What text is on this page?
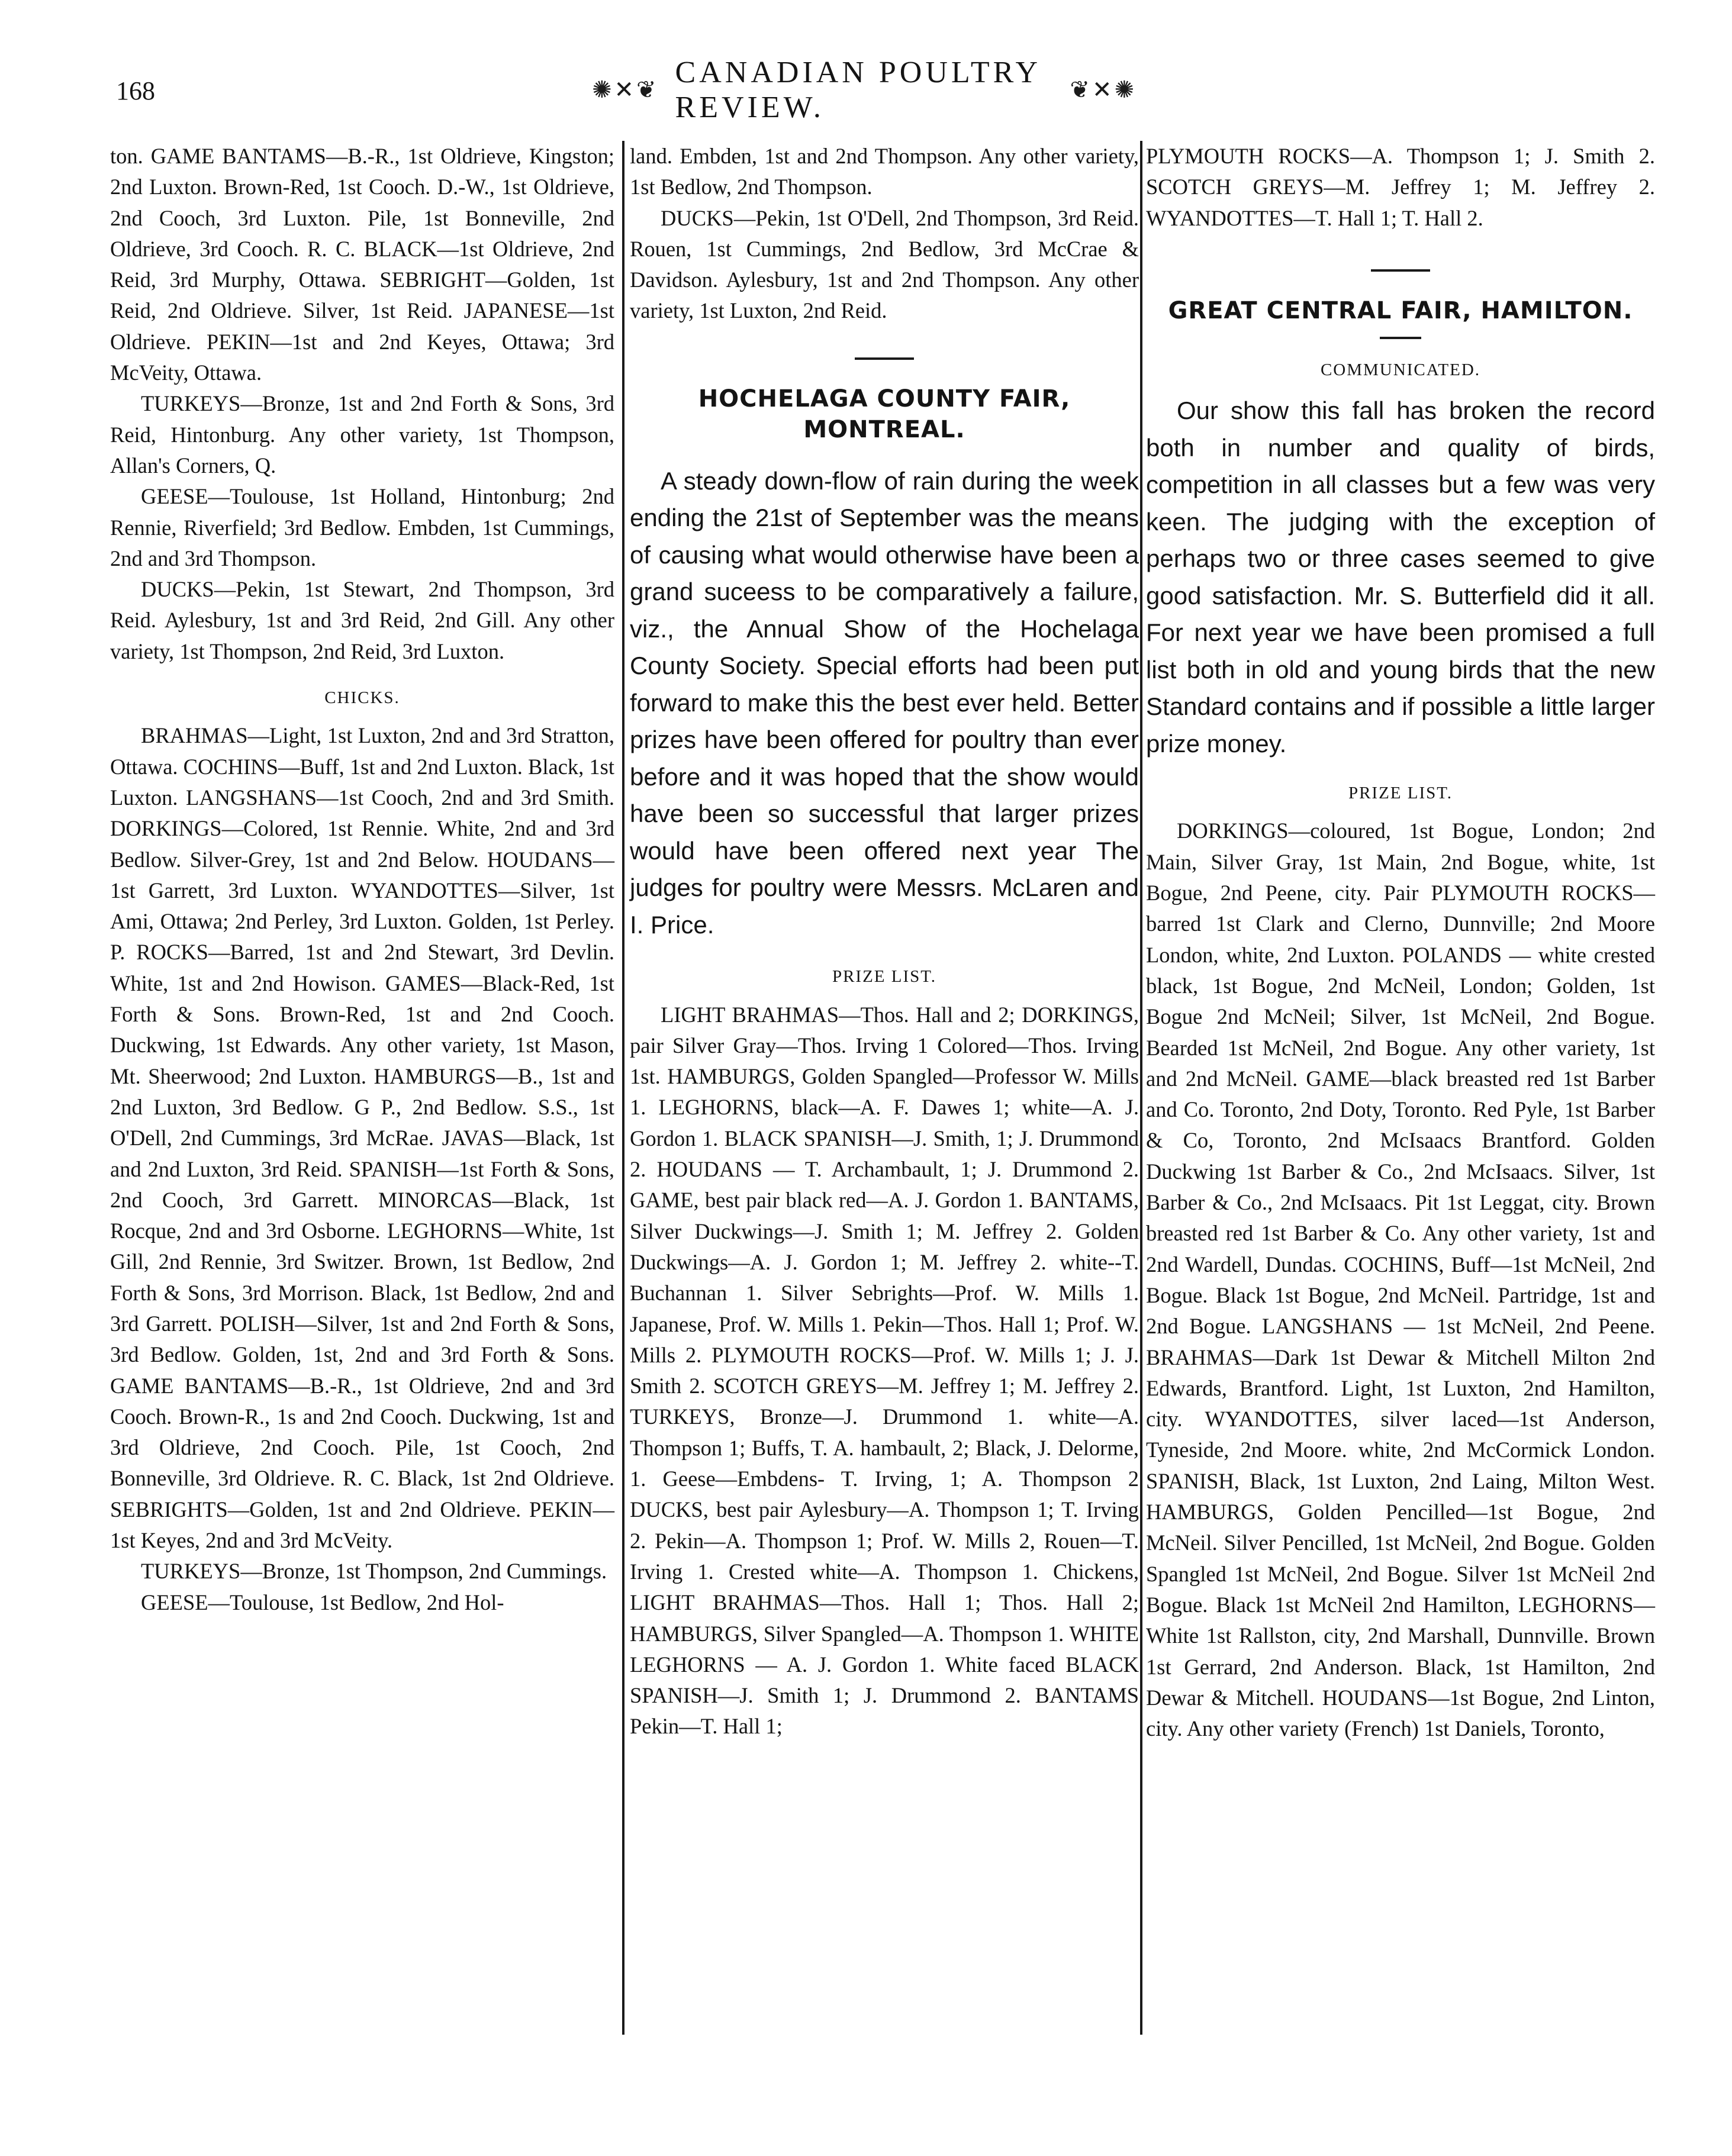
168	✺✕❦
CANADIAN POULTRY REVIEW.
❦✕✺

ton. GAME BANTAMS—B.-R., 1st Oldrieve, Kingston; 2nd Luxton. Brown-Red, 1st Cooch. D.-W., 1st Oldrieve, 2nd Cooch, 3rd Luxton. Pile, 1st Bonneville, 2nd Oldrieve, 3rd Cooch. R. C. BLACK—1st Oldrieve, 2nd Reid, 3rd Murphy, Ottawa. SEBRIGHT—Golden, 1st Reid, 2nd Oldrieve. Silver, 1st Reid. JAPANESE—1st Oldrieve. PEKIN—1st and 2nd Keyes, Ottawa; 3rd McVeity, Ottawa.

TURKEYS—Bronze, 1st and 2nd Forth & Sons, 3rd Reid, Hintonburg. Any other variety, 1st Thompson, Allan's Corners, Q.

GEESE—Toulouse, 1st Holland, Hintonburg; 2nd Rennie, Riverfield; 3rd Bedlow. Embden, 1st Cummings, 2nd and 3rd Thompson.

DUCKS—Pekin, 1st Stewart, 2nd Thompson, 3rd Reid. Aylesbury, 1st and 3rd Reid, 2nd Gill. Any other variety, 1st Thompson, 2nd Reid, 3rd Luxton.

CHICKS.

BRAHMAS—Light, 1st Luxton, 2nd and 3rd Stratton, Ottawa. COCHINS—Buff, 1st and 2nd Luxton. Black, 1st Luxton. LANGSHANS—1st Cooch, 2nd and 3rd Smith. DORKINGS—Colored, 1st Rennie. White, 2nd and 3rd Bedlow. Silver-Grey, 1st and 2nd Below. HOUDANS—1st Garrett, 3rd Luxton. WYANDOTTES—Silver, 1st Ami, Ottawa; 2nd Perley, 3rd Luxton. Golden, 1st Perley. P. ROCKS—Barred, 1st and 2nd Stewart, 3rd Devlin. White, 1st and 2nd Howison. GAMES—Black-Red, 1st Forth & Sons. Brown-Red, 1st and 2nd Cooch. Duckwing, 1st Edwards. Any other variety, 1st Mason, Mt. Sheerwood; 2nd Luxton. HAMBURGS—B., 1st and 2nd Luxton, 3rd Bedlow. G P., 2nd Bedlow. S.S., 1st O'Dell, 2nd Cummings, 3rd McRae. JAVAS—Black, 1st and 2nd Luxton, 3rd Reid. SPANISH—1st Forth & Sons, 2nd Cooch, 3rd Garrett. MINORCAS—Black, 1st Rocque, 2nd and 3rd Osborne. LEGHORNS—White, 1st Gill, 2nd Rennie, 3rd Switzer. Brown, 1st Bedlow, 2nd Forth & Sons, 3rd Morrison. Black, 1st Bedlow, 2nd and 3rd Garrett. POLISH—Silver, 1st and 2nd Forth & Sons, 3rd Bedlow. Golden, 1st, 2nd and 3rd Forth & Sons. GAME BANTAMS—B.-R., 1st Oldrieve, 2nd and 3rd Cooch. Brown-R., 1s and 2nd Cooch. Duckwing, 1st and 3rd Oldrieve, 2nd Cooch. Pile, 1st Cooch, 2nd Bonneville, 3rd Oldrieve. R. C. Black, 1st 2nd Oldrieve. SEBRIGHTS—Golden, 1st and 2nd Oldrieve. PEKIN—1st Keyes, 2nd and 3rd McVeity.

TURKEYS—Bronze, 1st Thompson, 2nd Cummings.

GEESE—Toulouse, 1st Bedlow, 2nd Hol-

land. Embden, 1st and 2nd Thompson. Any other variety, 1st Bedlow, 2nd Thompson.

DUCKS—Pekin, 1st O'Dell, 2nd Thompson, 3rd Reid. Rouen, 1st Cummings, 2nd Bedlow, 3rd McCrae & Davidson. Aylesbury, 1st and 2nd Thompson. Any other variety, 1st Luxton, 2nd Reid.

HOCHELAGA COUNTY FAIR,
MONTREAL.

A steady down-flow of rain during the week ending the 21st of September was the means of causing what would otherwise have been a grand suceess to be comparatively a failure, viz., the Annual Show of the Hochelaga County Society. Special efforts had been put forward to make this the best ever held. Better prizes have been offered for poultry than ever before and it was hoped that the show would have been so successful that larger prizes would have been offered next year The judges for poultry were Messrs. McLaren and I. Price.

PRIZE LIST.

LIGHT BRAHMAS—Thos. Hall and 2; DORKINGS, pair Silver Gray—Thos. Irving 1 Colored—Thos. Irving 1st. HAMBURGS, Golden Spangled—Professor W. Mills 1. LEGHORNS, black—A. F. Dawes 1; white—A. J. Gordon 1. BLACK SPANISH—J. Smith, 1; J. Drummond 2. HOUDANS — T. Archambault, 1; J. Drummond 2. GAME, best pair black red—A. J. Gordon 1. BANTAMS, Silver Duckwings—J. Smith 1; M. Jeffrey 2. Golden Duckwings—A. J. Gordon 1; M. Jeffrey 2. white--T. Buchannan 1. Silver Sebrights—Prof. W. Mills 1. Japanese, Prof. W. Mills 1. Pekin—Thos. Hall 1; Prof. W. Mills 2. PLYMOUTH ROCKS—Prof. W. Mills 1; J. J. Smith 2. SCOTCH GREYS—M. Jeffrey 1; M. Jeffrey 2. TURKEYS, Bronze—J. Drummond 1. white—A. Thompson 1; Buffs, T. A. hambault, 2; Black, J. Delorme, 1. Geese—Embdens- T. Irving, 1; A. Thompson 2 DUCKS, best pair Aylesbury—A. Thompson 1; T. Irving 2. Pekin—A. Thompson 1; Prof. W. Mills 2, Rouen—T. Irving 1. Crested white—A. Thompson 1. Chickens, LIGHT BRAHMAS—Thos. Hall 1; Thos. Hall 2; HAMBURGS, Silver Spangled—A. Thompson 1. WHITE LEGHORNS — A. J. Gordon 1. White faced BLACK SPANISH—J. Smith 1; J. Drummond 2. BANTAMS Pekin—T. Hall 1;

PLYMOUTH ROCKS—A. Thompson 1; J. Smith 2. SCOTCH GREYS—M. Jeffrey 1; M. Jeffrey 2. WYANDOTTES—T. Hall 1; T. Hall 2.

GREAT CENTRAL FAIR, HAMILTON.
COMMUNICATED.

Our show this fall has broken the record both in number and quality of birds, competition in all classes but a few was very keen. The judging with the exception of perhaps two or three cases seemed to give good satisfaction. Mr. S. Butterfield did it all. For next year we have been promised a full list both in old and young birds that the new Standard contains and if possible a little larger prize money.

PRIZE LIST.

DORKINGS—coloured, 1st Bogue, London; 2nd Main, Silver Gray, 1st Main, 2nd Bogue, white, 1st Bogue, 2nd Peene, city. Pair PLYMOUTH ROCKS—barred 1st Clark and Clerno, Dunnville; 2nd Moore London, white, 2nd Luxton. POLANDS — white crested black, 1st Bogue, 2nd McNeil, London; Golden, 1st Bogue 2nd McNeil; Silver, 1st McNeil, 2nd Bogue. Bearded 1st McNeil, 2nd Bogue. Any other variety, 1st and 2nd McNeil. GAME—black breasted red 1st Barber and Co. Toronto, 2nd Doty, Toronto. Red Pyle, 1st Barber & Co, Toronto, 2nd McIsaacs Brantford. Golden Duckwing 1st Barber & Co., 2nd McIsaacs. Silver, 1st Barber & Co., 2nd McIsaacs. Pit 1st Leggat, city. Brown breasted red 1st Barber & Co. Any other variety, 1st and 2nd Wardell, Dundas. COCHINS, Buff—1st McNeil, 2nd Bogue. Black 1st Bogue, 2nd McNeil. Partridge, 1st and 2nd Bogue. LANGSHANS — 1st McNeil, 2nd Peene. BRAHMAS—Dark 1st Dewar & Mitchell Milton 2nd Edwards, Brantford. Light, 1st Luxton, 2nd Hamilton, city. WYANDOTTES, silver laced—1st Anderson, Tyneside, 2nd Moore. white, 2nd McCormick London. SPANISH, Black, 1st Luxton, 2nd Laing, Milton West. HAMBURGS, Golden Pencilled—1st Bogue, 2nd McNeil. Silver Pencilled, 1st McNeil, 2nd Bogue. Golden Spangled 1st McNeil, 2nd Bogue. Silver 1st McNeil 2nd Bogue. Black 1st McNeil 2nd Hamilton, LEGHORNS—White 1st Rallston, city, 2nd Marshall, Dunnville. Brown 1st Gerrard, 2nd Anderson. Black, 1st Hamilton, 2nd Dewar & Mitchell. HOUDANS—1st Bogue, 2nd Linton, city. Any other variety (French) 1st Daniels, Toronto,
